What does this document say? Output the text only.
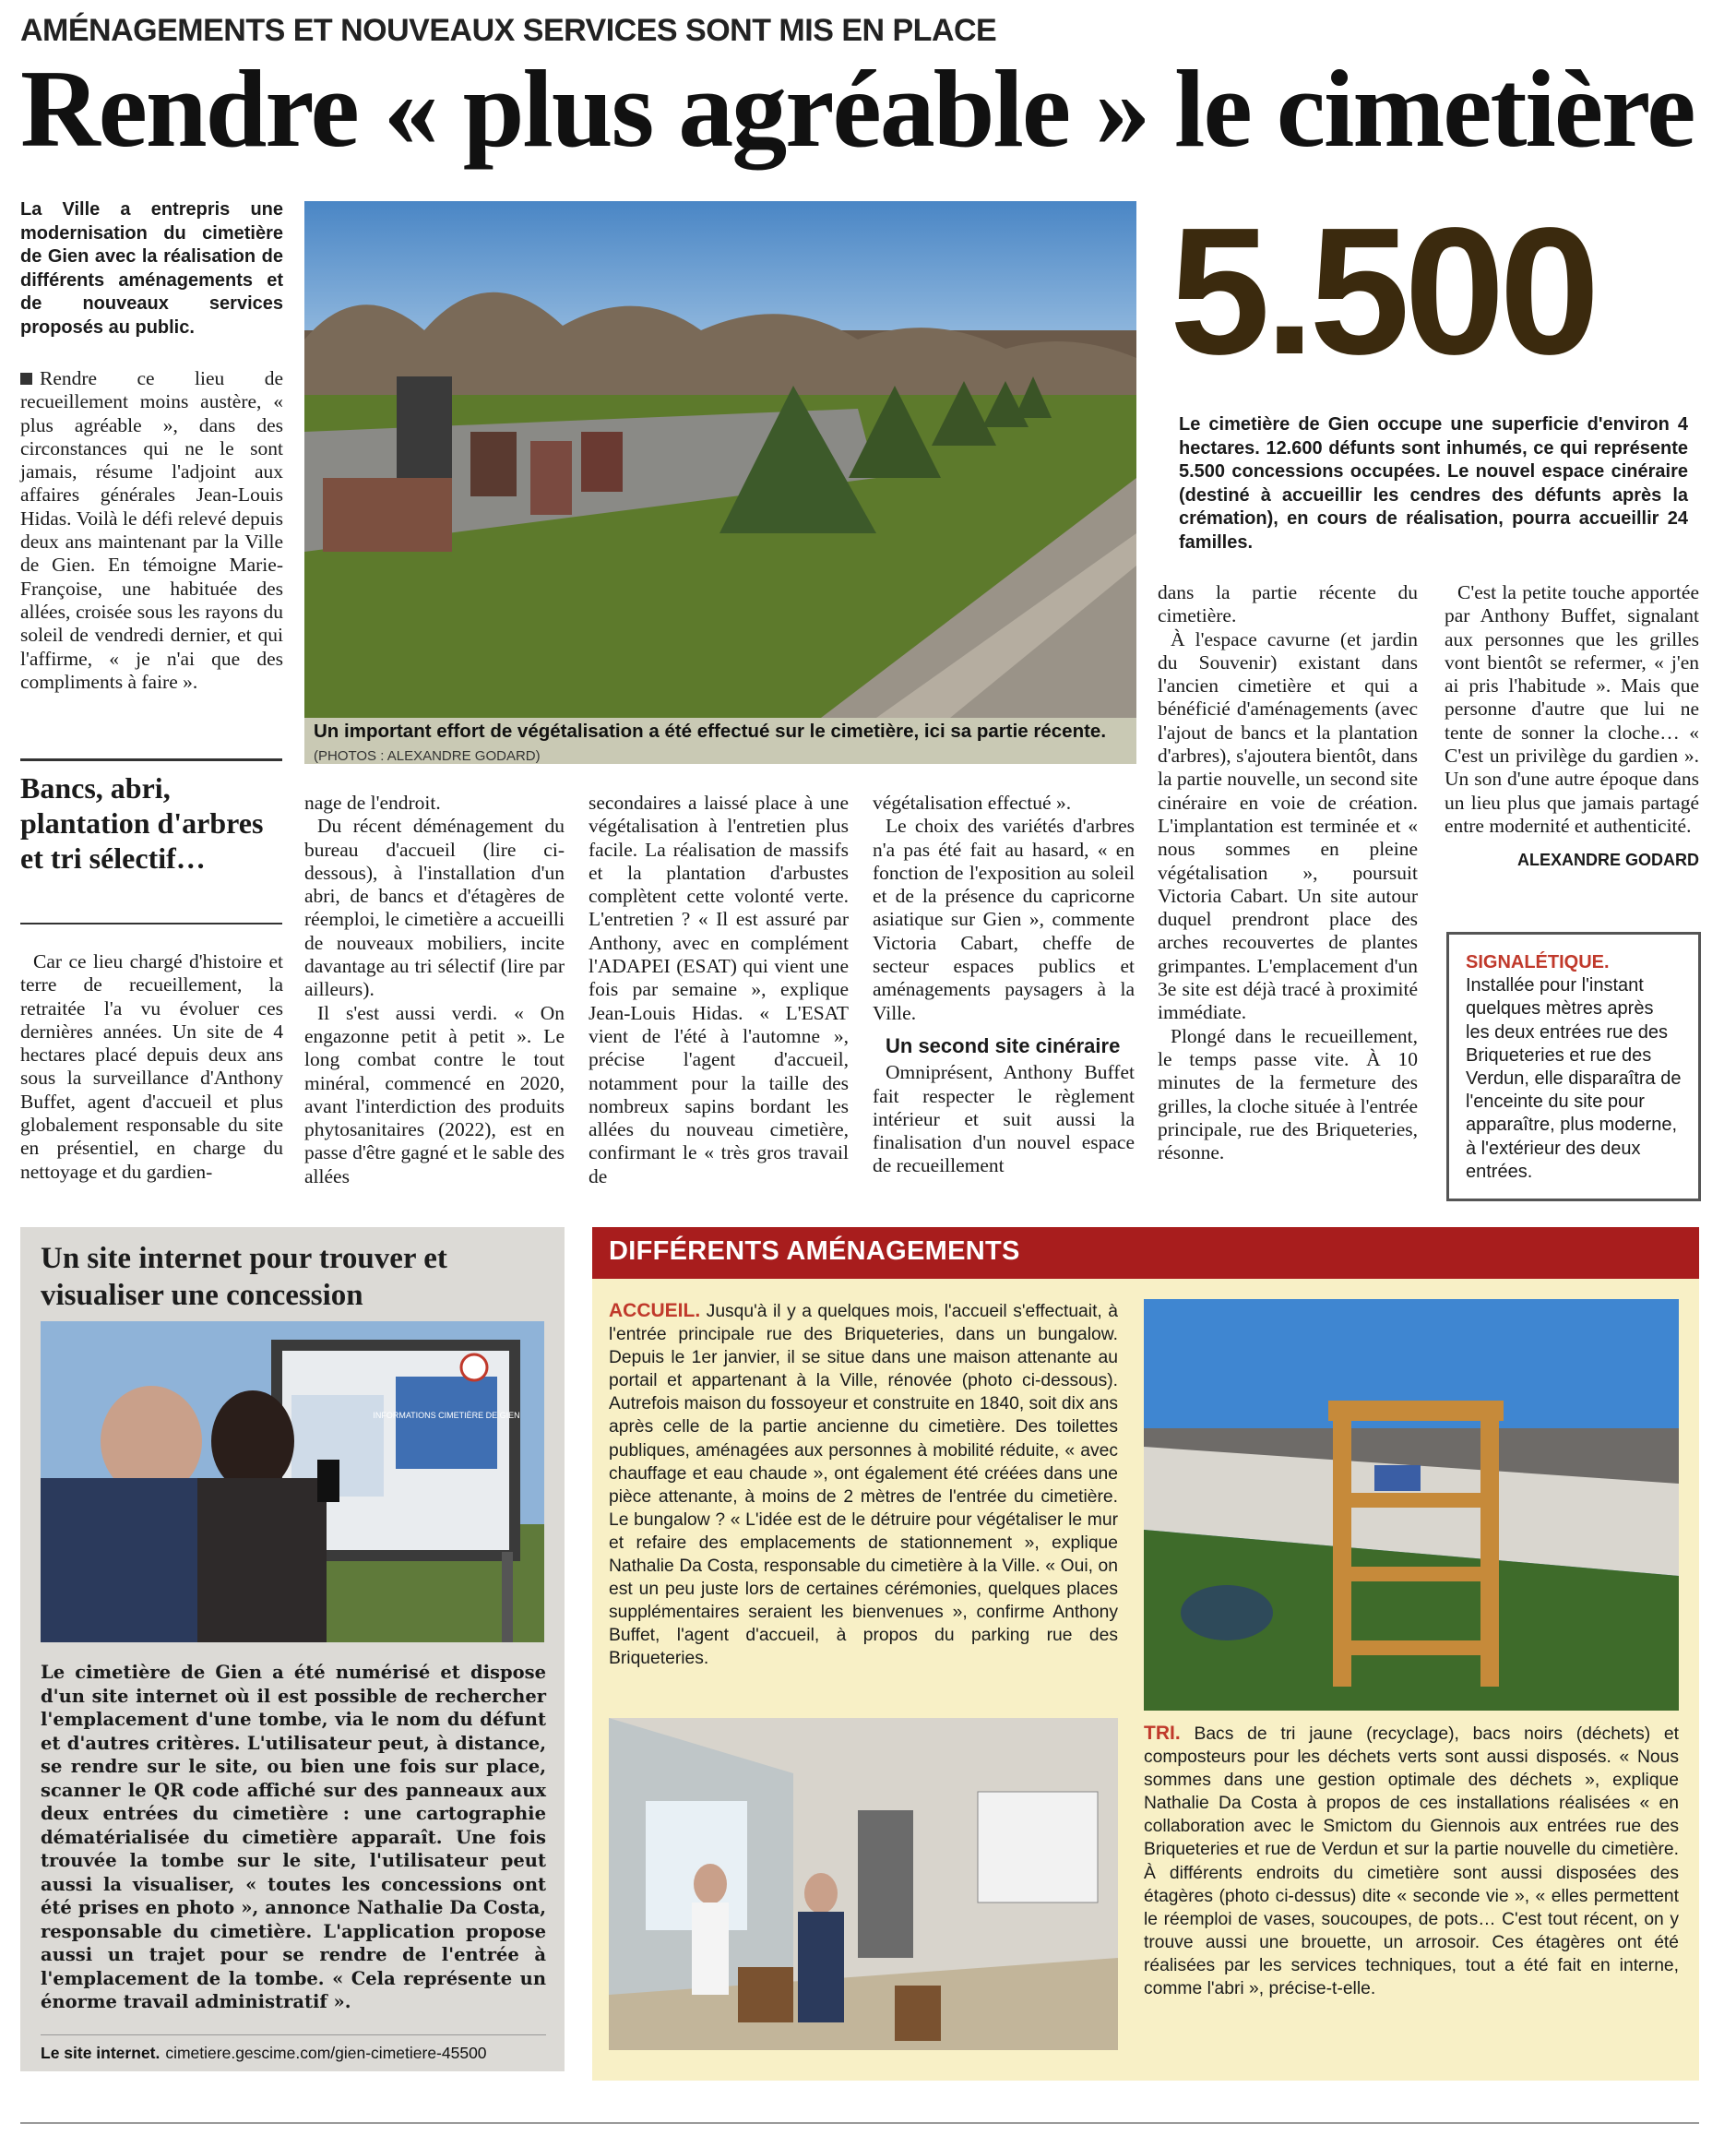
AMÉNAGEMENTS ET NOUVEAUX SERVICES SONT MIS EN PLACE
Rendre « plus agréable » le cimetière
La Ville a entrepris une modernisation du cimetière de Gien avec la réalisation de différents aménagements et de nouveaux services proposés au public.

Rendre ce lieu de recueillement moins austère, « plus agréable », dans des circonstances qui ne le sont jamais, résume l'adjoint aux affaires générales Jean-Louis Hidas. Voilà le défi relevé depuis deux ans maintenant par la Ville de Gien. En témoigne Marie-Françoise, une habituée des allées, croisée sous les rayons du soleil de vendredi dernier, et qui l'affirme, « je n'ai que des compliments à faire ».

Un important effort de végétalisation a été effectué sur le cimetière, ici sa partie récente. (PHOTOS : ALEXANDRE GODARD)
5.500
Le cimetière de Gien occupe une superficie d'environ 4 hectares. 12.600 défunts sont inhumés, ce qui représente 5.500 concessions occupées. Le nouvel espace cinéraire (destiné à accueillir les cendres des défunts après la crémation), en cours de réalisation, pourra accueillir 24 familles.
Bancs, abri, plantation d'arbres et tri sélectif…

Car ce lieu chargé d'histoire et terre de recueillement, la retraitée l'a vu évoluer ces dernières années. Un site de 4 hectares placé depuis deux ans sous la surveillance d'Anthony Buffet, agent d'accueil et plus globalement responsable du site en présentiel, en charge du nettoyage et du gardien-

nage de l'endroit.

Du récent déménagement du bureau d'accueil (lire ci-dessous), à l'installation d'un abri, de bancs et d'étagères de réemploi, le cimetière a accueilli de nouveaux mobiliers, incite davantage au tri sélectif (lire par ailleurs).

Il s'est aussi verdi. « On engazonne petit à petit ». Le long combat contre le tout minéral, commencé en 2020, avant l'interdiction des produits phytosanitaires (2022), est en passe d'être gagné et le sable des allées

secondaires a laissé place à une végétalisation à l'entretien plus facile. La réalisation de massifs et la plantation d'arbustes complètent cette volonté verte. L'entretien ? « Il est assuré par Anthony, avec en complément l'ADAPEI (ESAT) qui vient une fois par semaine », explique Jean-Louis Hidas. « L'ESAT vient de l'été à l'automne », précise l'agent d'accueil, notamment pour la taille des nombreux sapins bordant les allées du nouveau cimetière, confirmant le « très gros travail de

végétalisation effectué ».

Le choix des variétés d'arbres n'a pas été fait au hasard, « en fonction de l'exposition au soleil et de la présence du capricorne asiatique sur Gien », commente Victoria Cabart, cheffe de secteur espaces publics et aménagements paysagers à la Ville.

Un second site cinéraire

Omniprésent, Anthony Buffet fait respecter le règlement intérieur et suit aussi la finalisation d'un nouvel espace de recueillement

dans la partie récente du cimetière.

À l'espace cavurne (et jardin du Souvenir) existant dans l'ancien cimetière et qui a bénéficié d'aménagements (avec l'ajout de bancs et la plantation d'arbres), s'ajoutera bientôt, dans la partie nouvelle, un second site cinéraire en voie de création. L'implantation est terminée et « nous sommes en pleine végétalisation », poursuit Victoria Cabart. Un site autour duquel prendront place des arches recouvertes de plantes grimpantes. L'emplacement d'un 3e site est déjà tracé à proximité immédiate.

Plongé dans le recueillement, le temps passe vite. À 10 minutes de la fermeture des grilles, la cloche située à l'entrée principale, rue des Briqueteries, résonne.

C'est la petite touche apportée par Anthony Buffet, signalant aux personnes que les grilles vont bientôt se refermer, « j'en ai pris l'habitude ». Mais que personne d'autre que lui ne tente de sonner la cloche… « C'est un privilège du gardien ». Un son d'une autre époque dans un lieu plus que jamais partagé entre modernité et authenticité.

ALEXANDRE GODARD
SIGNALÉTIQUE. Installée pour l'instant quelques mètres après les deux entrées rue des Briqueteries et rue des Verdun, elle disparaîtra de l'enceinte du site pour apparaître, plus moderne, à l'extérieur des deux entrées.
Un site internet pour trouver et visualiser une concession
INFORMATIONS CIMETIÈRE DE GIEN
Le cimetière de Gien a été numérisé et dispose d'un site internet où il est possible de rechercher l'emplacement d'une tombe, via le nom du défunt et d'autres critères. L'utilisateur peut, à distance, se rendre sur le site, ou bien une fois sur place, scanner le QR code affiché sur des panneaux aux deux entrées du cimetière : une cartographie dématérialisée du cimetière apparaît. Une fois trouvée la tombe sur le site, l'utilisateur peut aussi la visualiser, « toutes les concessions ont été prises en photo », annonce Nathalie Da Costa, responsable du cimetière. L'application propose aussi un trajet pour se rendre de l'entrée à l'emplacement de la tombe. « Cela représente un énorme travail administratif ».
Le site internet. cimetiere.gescime.com/gien-cimetiere-45500
DIFFÉRENTS AMÉNAGEMENTS
ACCUEIL. Jusqu'à il y a quelques mois, l'accueil s'effectuait, à l'entrée principale rue des Briqueteries, dans un bungalow. Depuis le 1er janvier, il se situe dans une maison attenante au portail et appartenant à la Ville, rénovée (photo ci-dessous). Autrefois maison du fossoyeur et construite en 1840, soit dix ans après celle de la partie ancienne du cimetière. Des toilettes publiques, aménagées aux personnes à mobilité réduite, « avec chauffage et eau chaude », ont également été créées dans une pièce attenante, à moins de 2 mètres de l'entrée du cimetière. Le bungalow ? « L'idée est de le détruire pour végétaliser le mur et refaire des emplacements de stationnement », explique Nathalie Da Costa, responsable du cimetière à la Ville. « Oui, on est un peu juste lors de certaines cérémonies, quelques places supplémentaires seraient les bienvenues », confirme Anthony Buffet, l'agent d'accueil, à propos du parking rue des Briqueteries.
TRI. Bacs de tri jaune (recyclage), bacs noirs (déchets) et composteurs pour les déchets verts sont aussi disposés. « Nous sommes dans une gestion optimale des déchets », explique Nathalie Da Costa à propos de ces installations réalisées « en collaboration avec le Smictom du Giennois aux entrées rue des Briqueteries et rue de Verdun et sur la partie nouvelle du cimetière. À différents endroits du cimetière sont aussi disposées des étagères (photo ci-dessus) dite « seconde vie », « elles permettent le réemploi de vases, soucoupes, de pots… C'est tout récent, on y trouve aussi une brouette, un arrosoir. Ces étagères ont été réalisées par les services techniques, tout a été fait en interne, comme l'abri », précise-t-elle.
